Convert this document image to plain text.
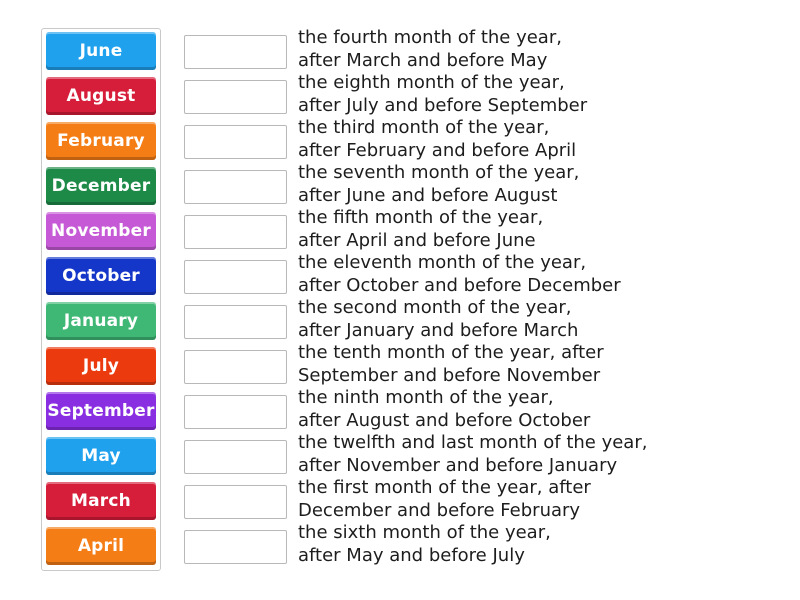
June
August
February
December
November
October
January
July
September
May
March
April
the fourth month of the year,
after March and before May
the eighth month of the year,
after July and before September
the third month of the year,
after February and before April
the seventh month of the year,
after June and before August
the fifth month of the year,
after April and before June
the eleventh month of the year,
after October and before December
the second month of the year,
after January and before March
the tenth month of the year, after
September and before November
the ninth month of the year,
after August and before October
the twelfth and last month of the year,
after November and before January
the first month of the year, after
December and before February
the sixth month of the year,
after May and before July
